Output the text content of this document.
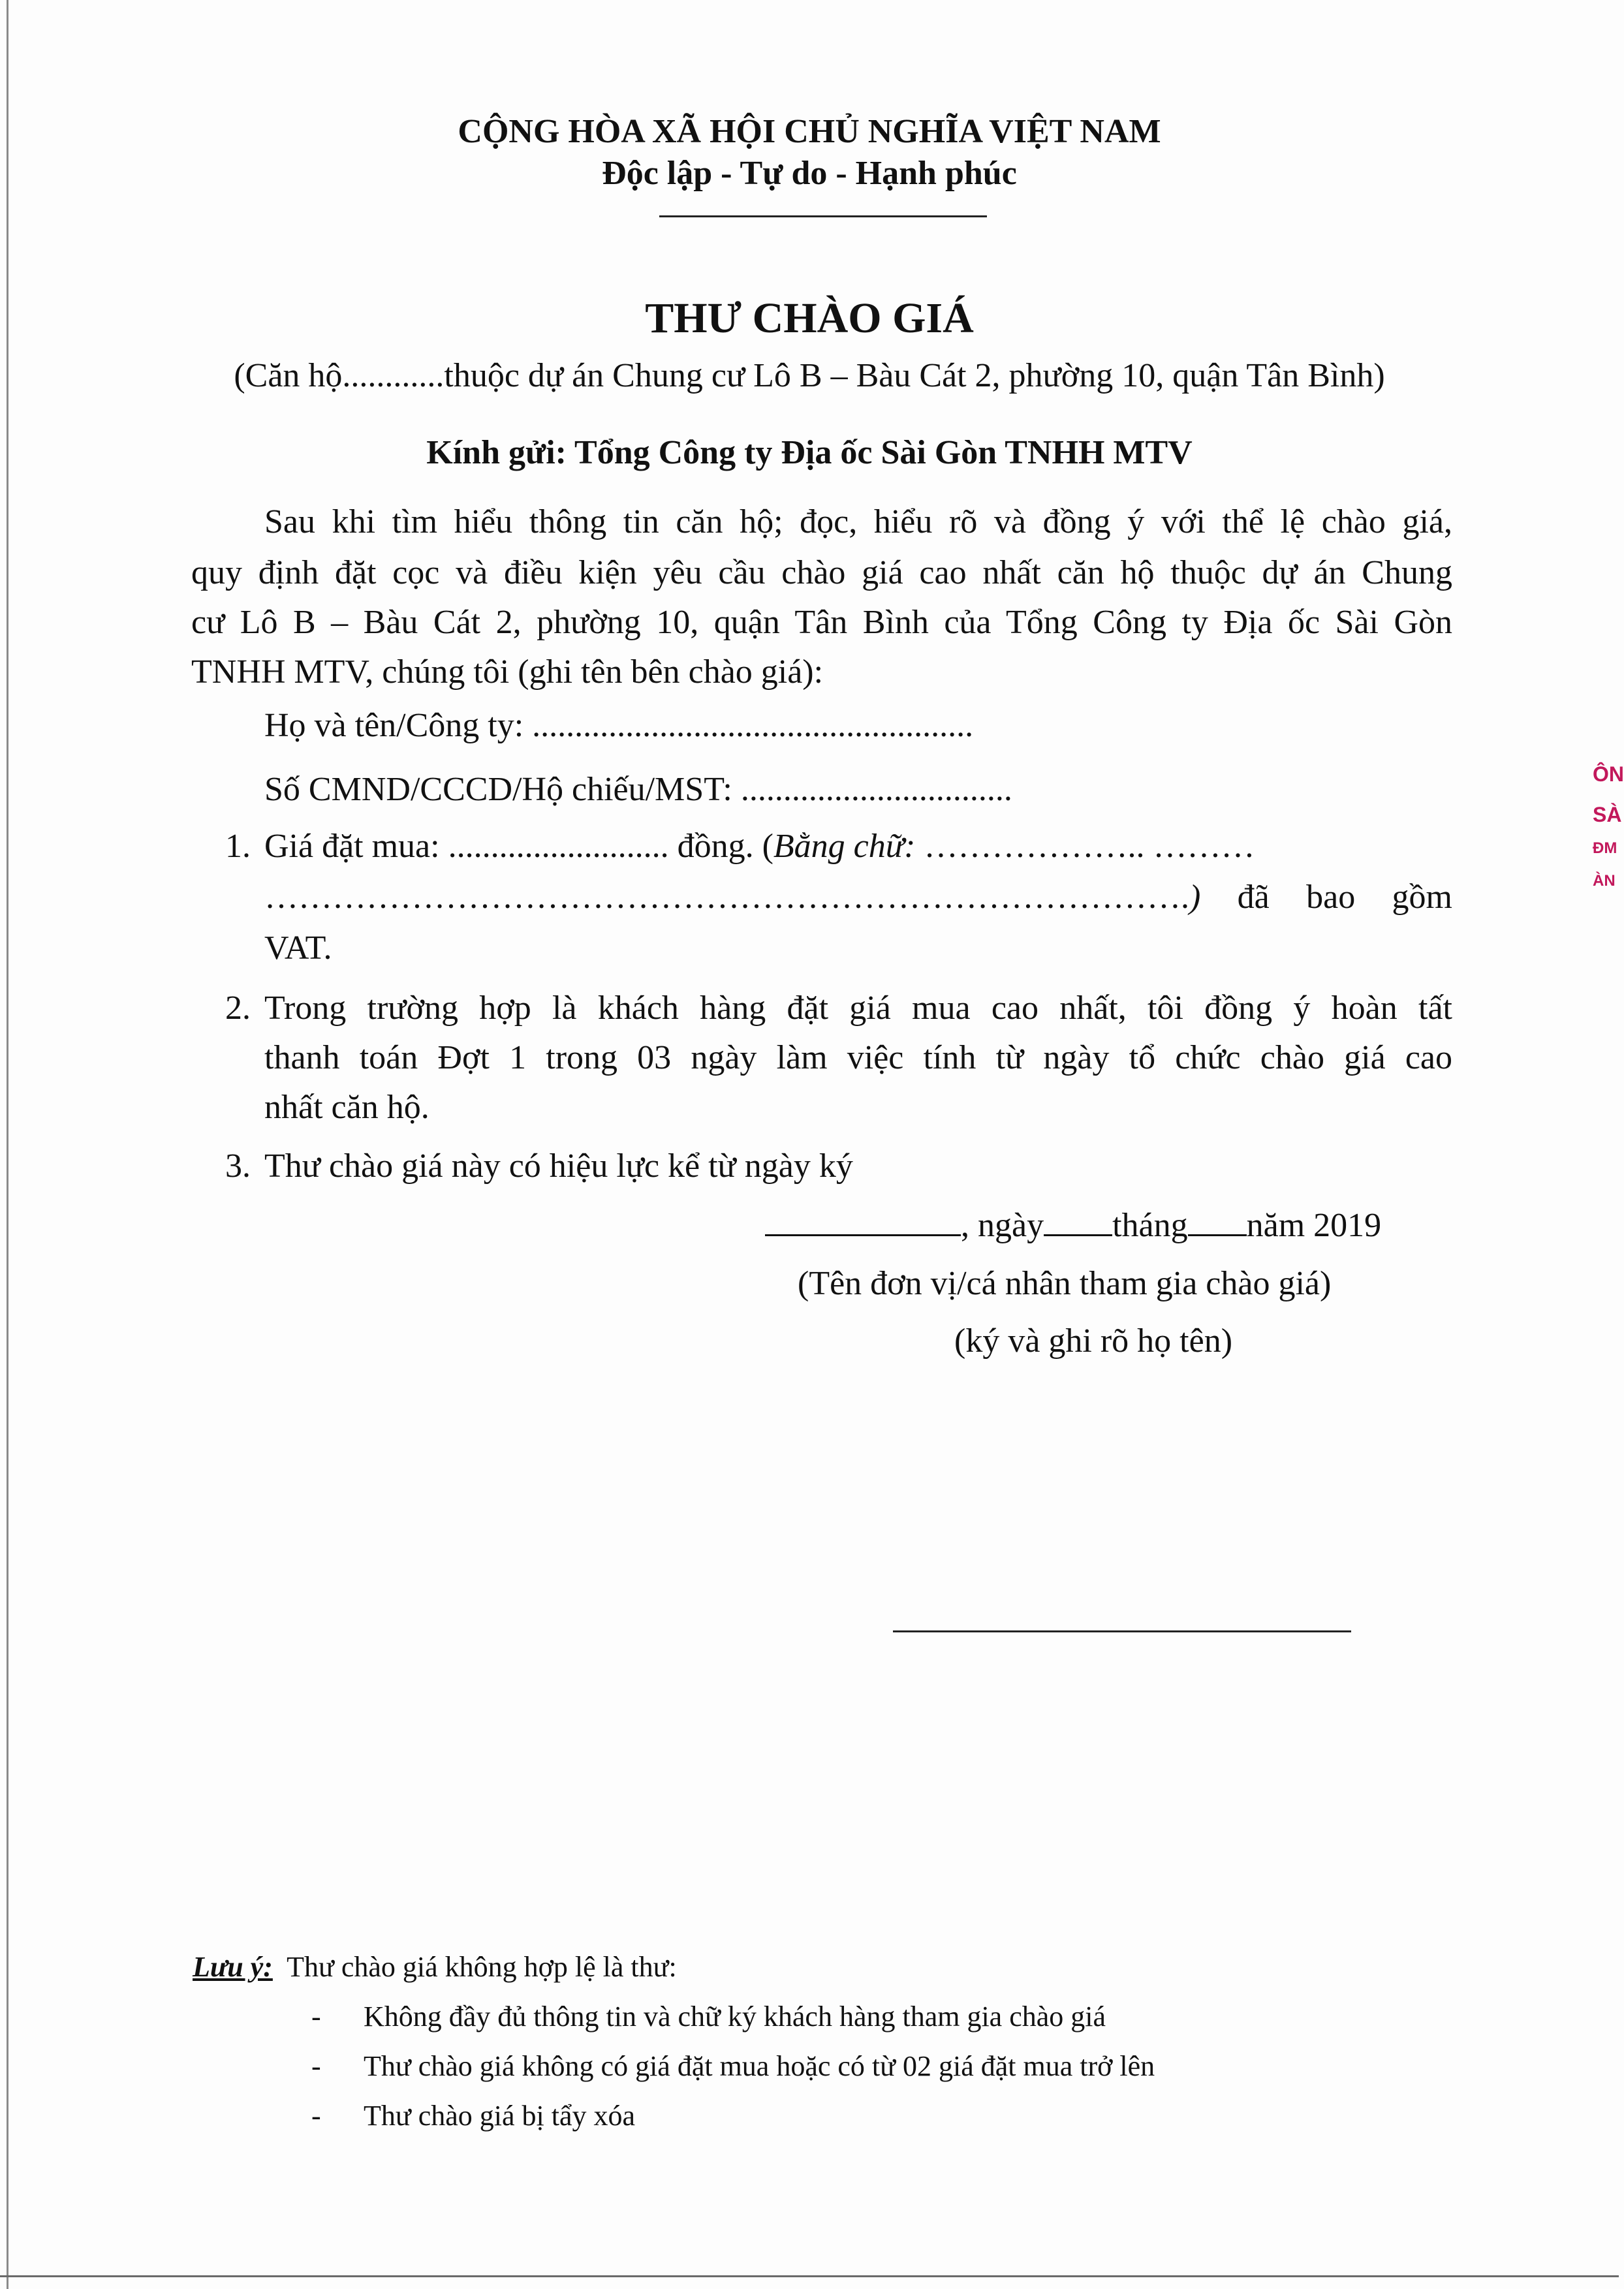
CỘNG HÒA XÃ HỘI CHỦ NGHĨA VIỆT NAM
Độc lập - Tự do - Hạnh phúc
THƯ CHÀO GIÁ
(Căn hộ............thuộc dự án Chung cư Lô B – Bàu Cát 2, phường 10, quận Tân Bình)
Kính gửi: Tổng Công ty Địa ốc Sài Gòn TNHH MTV
Sau khi tìm hiểu thông tin căn hộ; đọc, hiểu rõ và đồng ý với thể lệ chào giá,
quy định đặt cọc và điều kiện yêu cầu chào giá cao nhất căn hộ thuộc dự án Chung
cư Lô B – Bàu Cát 2, phường 10, quận Tân Bình của Tổng Công ty Địa ốc Sài Gòn
TNHH MTV, chúng tôi (ghi tên bên chào giá):
Họ và tên/Công ty: ....................................................
Số CMND/CCCD/Hộ chiếu/MST: ................................
1. Giá đặt mua: .......................... đồng. (Bằng chữ: ……………….. ………
……………………………………………………………………….) đã bao gồm
VAT.
2. Trong trường hợp là khách hàng đặt giá mua cao nhất, tôi đồng ý hoàn tất
thanh toán Đợt 1 trong 03 ngày làm việc tính từ ngày tổ chức chào giá cao
nhất căn hộ.
3. Thư chào giá này có hiệu lực kể từ ngày ký
, ngày tháng năm 2019
(Tên đơn vị/cá nhân tham gia chào giá)
(ký và ghi rõ họ tên)
Lưu ý: Thư chào giá không hợp lệ là thư:
- Không đầy đủ thông tin và chữ ký khách hàng tham gia chào giá
- Thư chào giá không có giá đặt mua hoặc có từ 02 giá đặt mua trở lên
- Thư chào giá bị tẩy xóa
ÔN
SÀ
ĐM
ÀN
